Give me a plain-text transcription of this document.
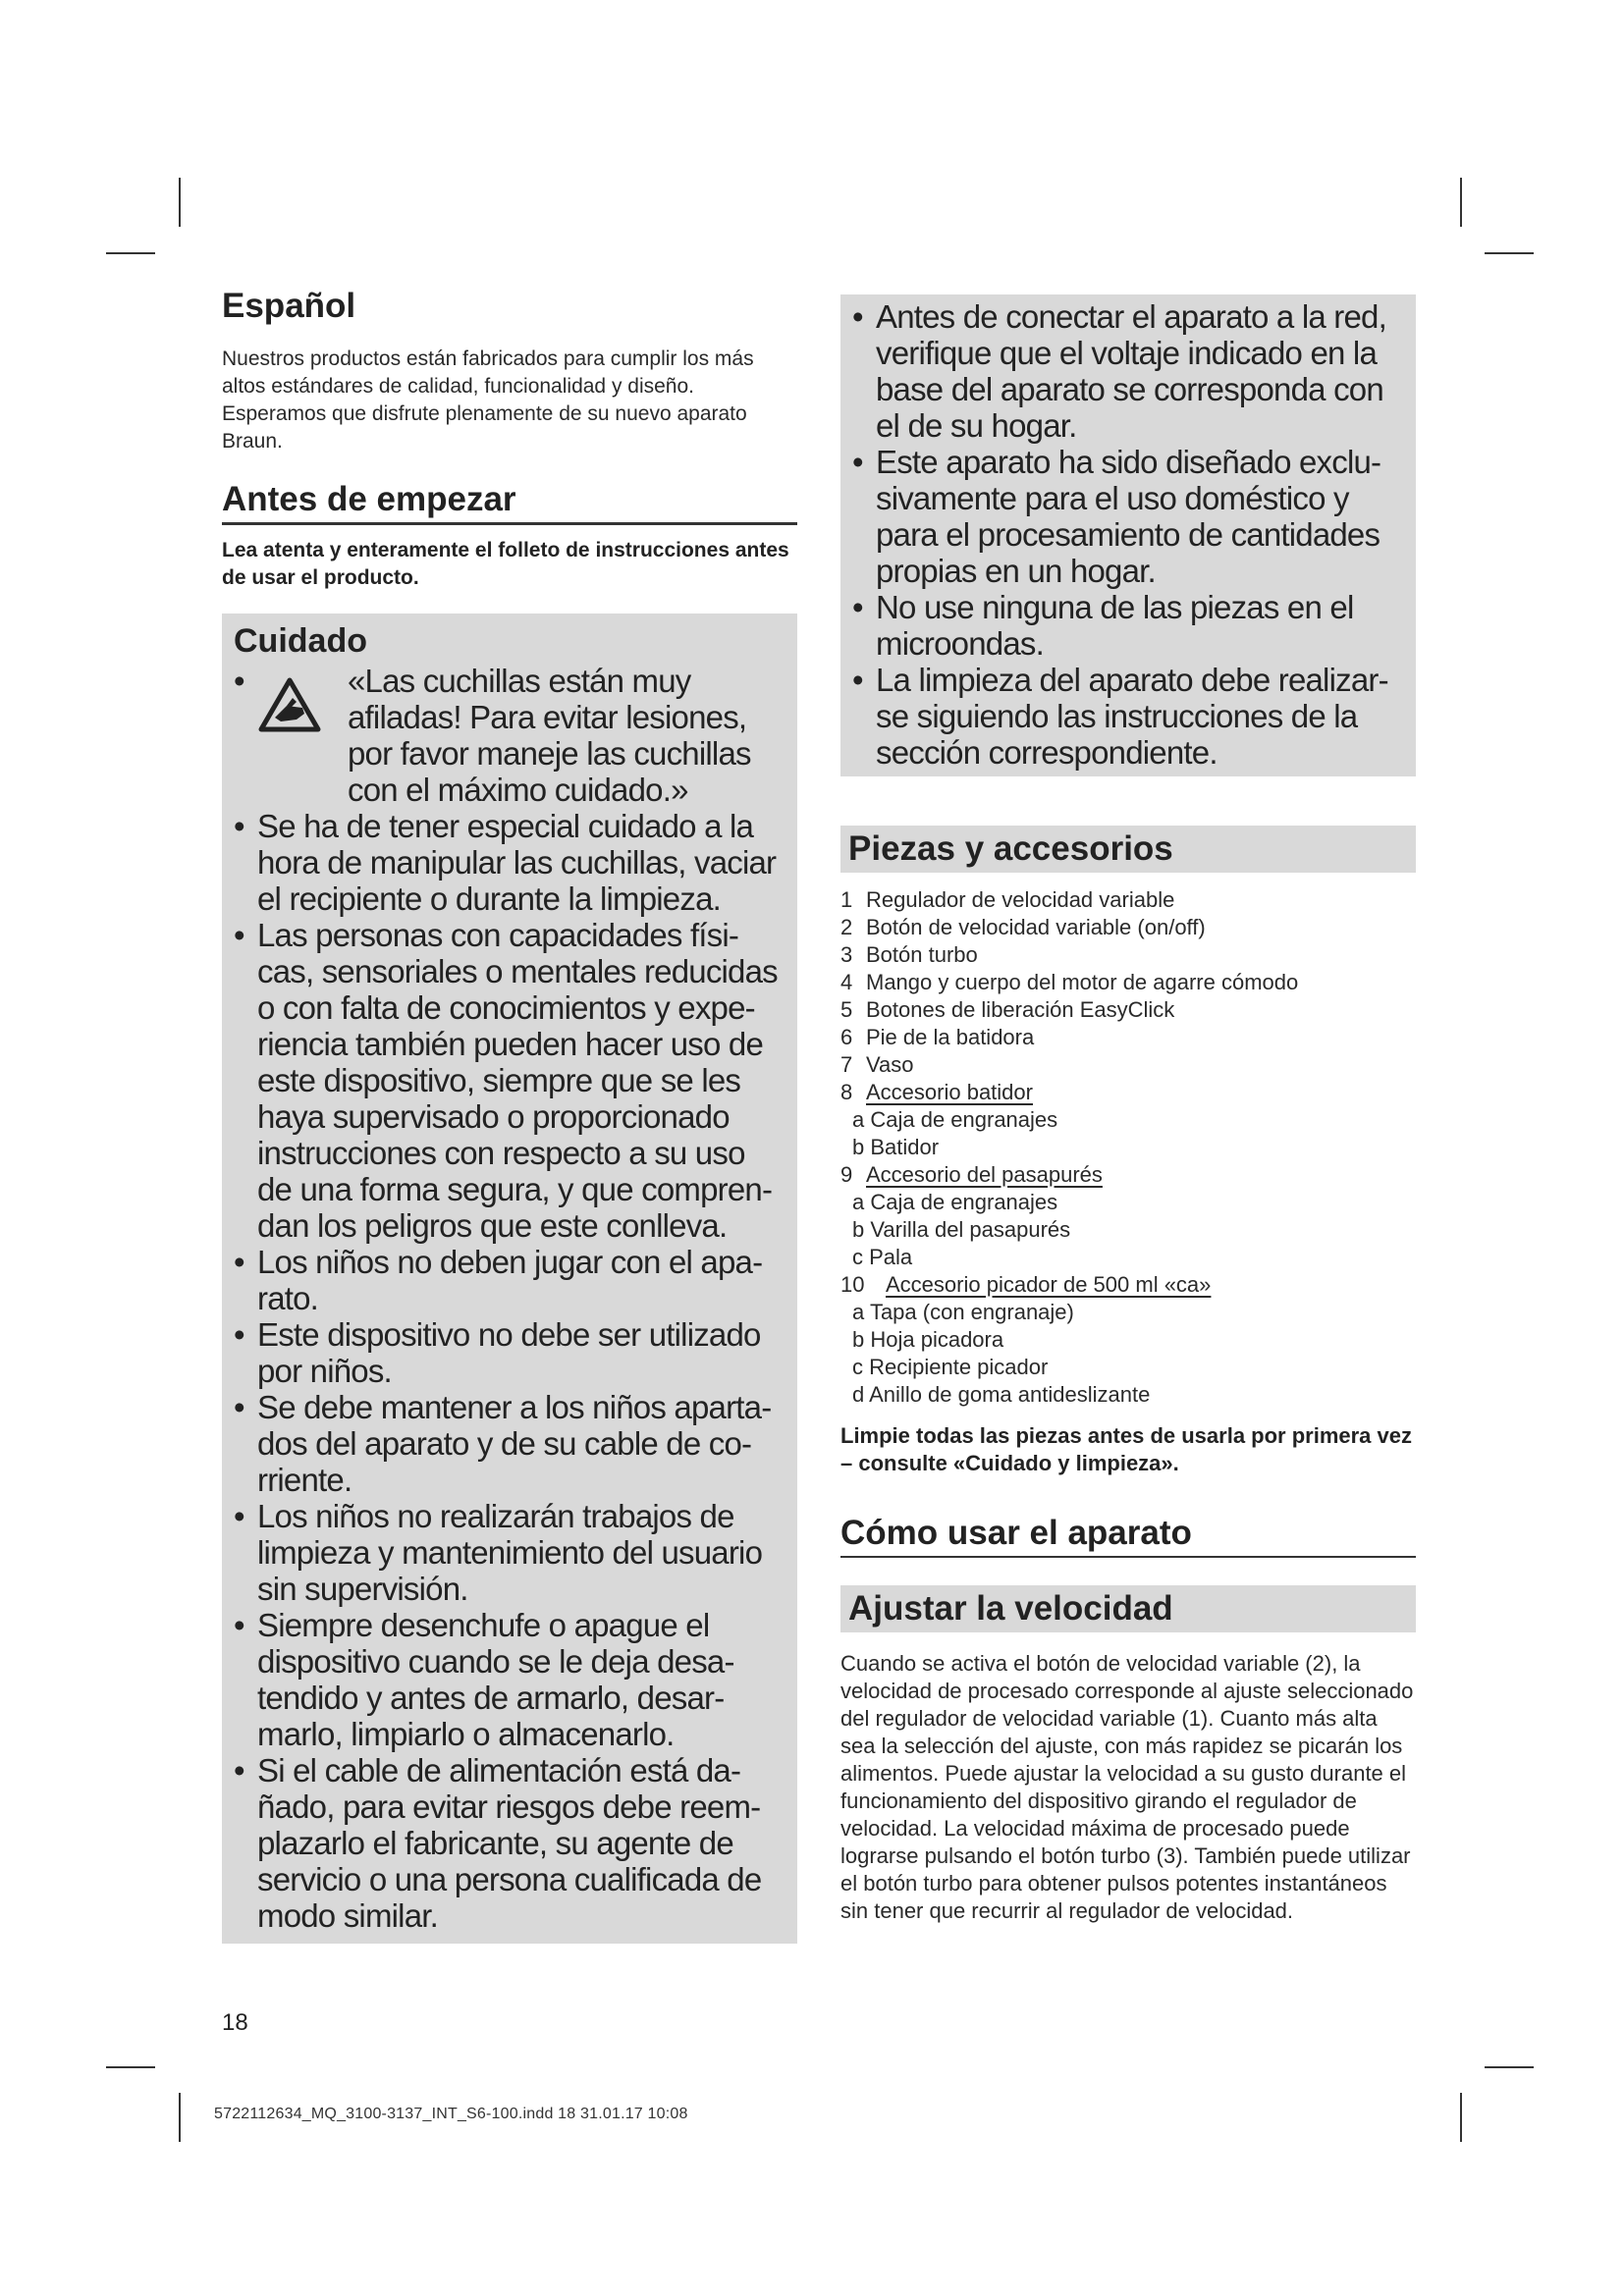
Español

Nuestros productos están fabricados para cumplir los más altos estándares de calidad, funcionalidad y diseño. Esperamos que disfrute plenamente de su nuevo aparato Braun.

Antes de empezar

Lea atenta y enteramente el folleto de instrucciones antes de usar el producto.

Cuidado
•	«Las cuchillas están muy afiladas! Para evitar lesiones, por favor maneje las cuchillas con el máximo cuidado.»
• Se ha de tener especial cuidado a la hora de manipular las cuchillas, vaciar el recipiente o durante la limpieza.
• Las personas con capacidades físi-cas, sensoriales o mentales reducidas o con falta de conocimientos y expe-riencia también pueden hacer uso de este dispositivo, siempre que se les haya supervisado o proporcionado instrucciones con respecto a su uso de una forma segura, y que compren-dan los peligros que este conlleva.
• Los niños no deben jugar con el apa-rato.
• Este dispositivo no debe ser utilizado por niños.
• Se debe mantener a los niños aparta-dos del aparato y de su cable de co-rriente.
• Los niños no realizarán trabajos de limpieza y mantenimiento del usuario sin supervisión.
• Siempre desenchufe o apague el dispositivo cuando se le deja desa-tendido y antes de armarlo, desar-marlo, limpiarlo o almacenarlo.
• Si el cable de alimentación está da-ñado, para evitar riesgos debe reem-plazarlo el fabricante, su agente de servicio o una persona cualificada de modo similar.
• Antes de conectar el aparato a la red, verifique que el voltaje indicado en la base del aparato se corresponda con el de su hogar.
• Este aparato ha sido diseñado exclu-sivamente para el uso doméstico y para el procesamiento de cantidades propias en un hogar.
• No use ninguna de las piezas en el microondas.
• La limpieza del aparato debe realizar-se siguiendo las instrucciones de la sección correspondiente.
Piezas y accesorios
1 Regulador de velocidad variable
2 Botón de velocidad variable (on/off)
3 Botón turbo
4 Mango y cuerpo del motor de agarre cómodo
5 Botones de liberación EasyClick
6 Pie de la batidora
7 Vaso
8 Accesorio batidor
a Caja de engranajes
b Batidor
9 Accesorio del pasapurés
a Caja de engranajes
b Varilla del pasapurés
c Pala
10 Accesorio picador de 500 ml «ca»
a Tapa (con engranaje)
b Hoja picadora
c Recipiente picador
d Anillo de goma antideslizante

Limpie todas las piezas antes de usarla por primera vez – consulte «Cuidado y limpieza».

Cómo usar el aparato
Ajustar la velocidad

Cuando se activa el botón de velocidad variable (2), la velocidad de procesado corresponde al ajuste seleccionado del regulador de velocidad variable (1). Cuanto más alta sea la selección del ajuste, con más rapidez se picarán los alimentos. Puede ajustar la velocidad a su gusto durante el funcionamiento del dispositivo girando el regulador de velocidad. La velocidad máxima de procesado puede lograrse pulsando el botón turbo (3). También puede utilizar el botón turbo para obtener pulsos potentes instantáneos sin tener que recurrir al regulador de velocidad.

18
5722112634_MQ_3100-3137_INT_S6-100.indd 18 31.01.17 10:08
